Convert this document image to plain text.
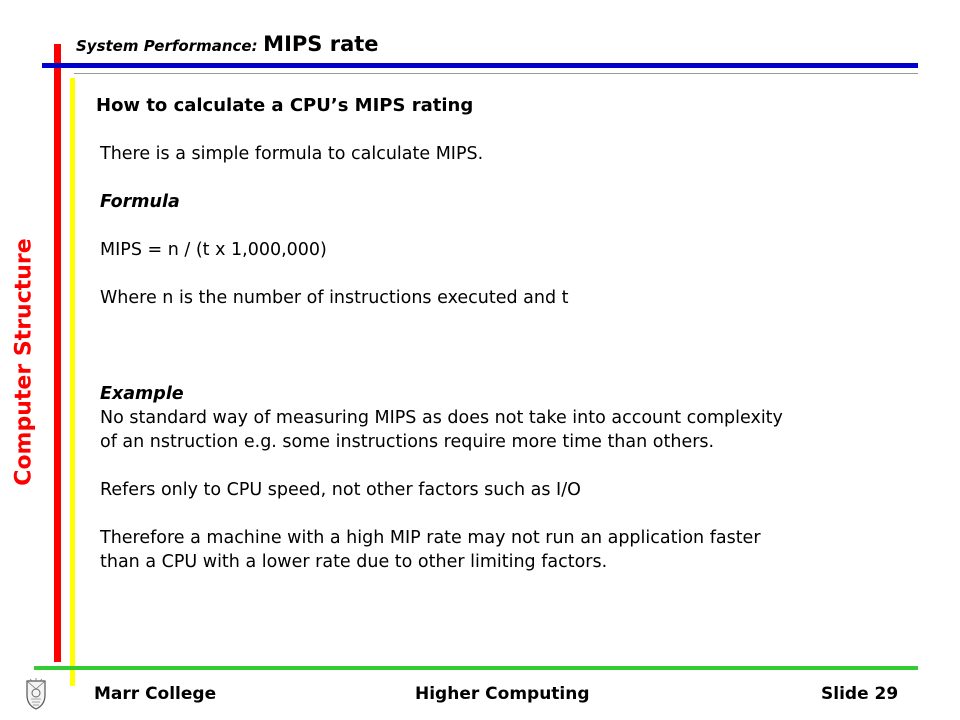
System Performance: MIPS rate
Computer Structure
How to calculate a CPU’s MIPS rating

There is a simple formula to calculate MIPS.

Formula

MIPS = n / (t x 1,000,000)

Where n is the number of instructions executed and t

Example

No standard way of measuring MIPS as does not take into account complexity

of an nstruction e.g. some instructions require more time than others.

Refers only to CPU speed, not other factors such as I/O

Therefore a machine with a high MIP rate may not run an application faster

than a CPU with a lower rate due to other limiting factors.

Marr College	Higher Computing	Slide 29
